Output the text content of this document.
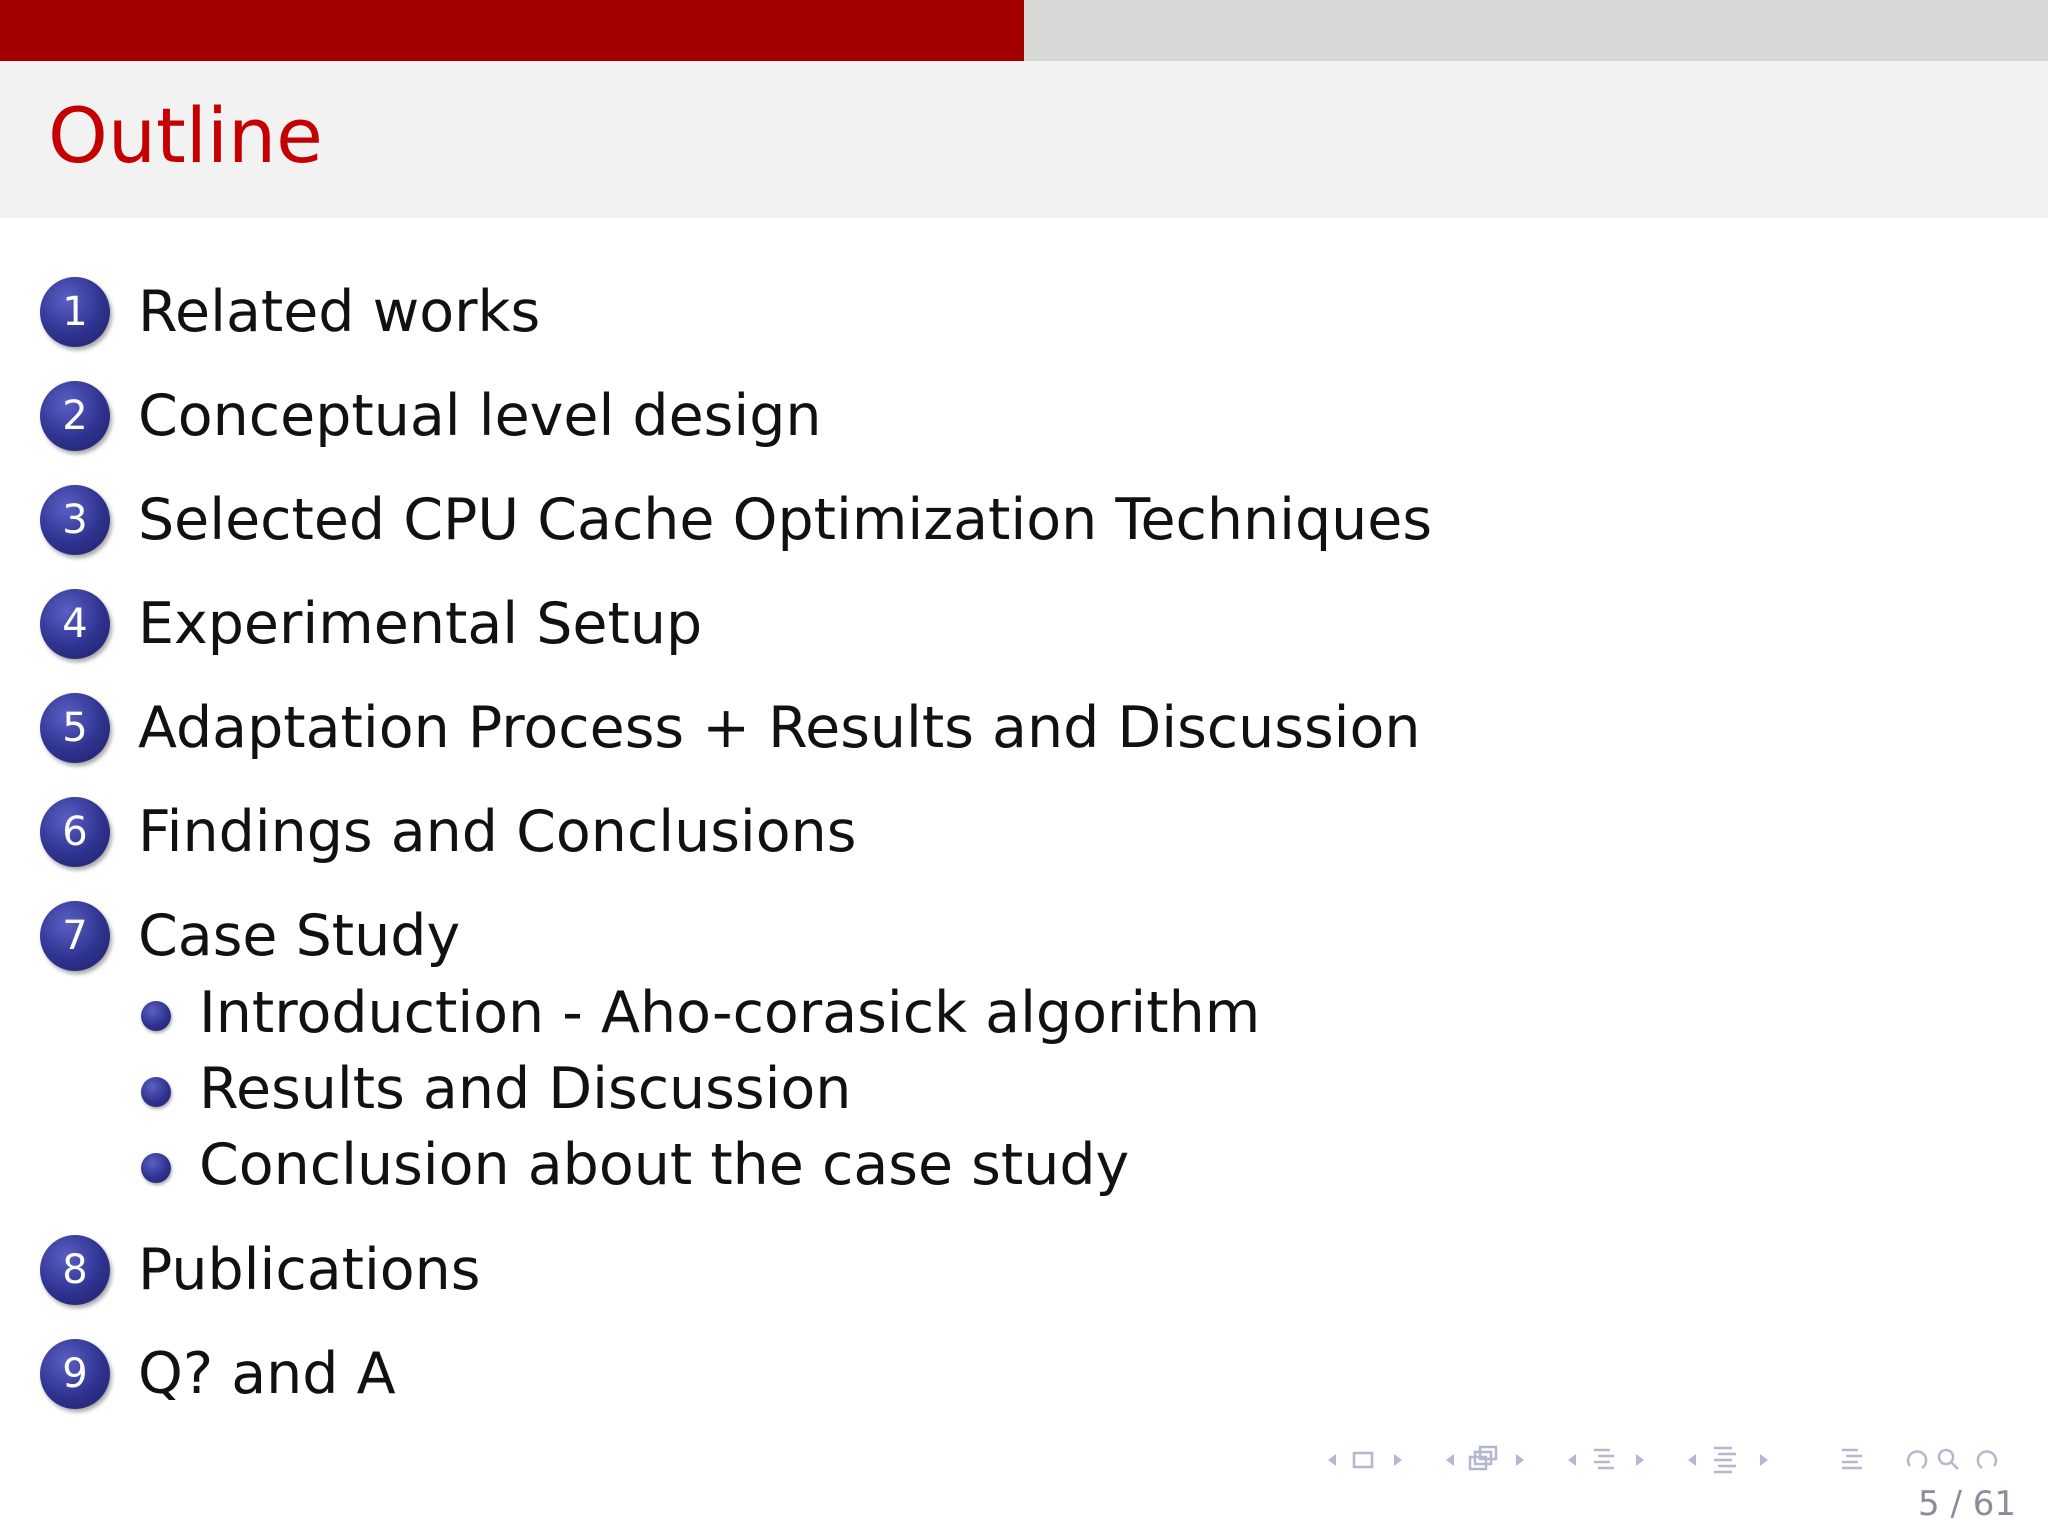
Outline
1 Related works
2 Conceptual level design
3 Selected CPU Cache Optimization Techniques
4 Experimental Setup
5 Adaptation Process + Results and Discussion
6 Findings and Conclusions
7 Case Study
Introduction - Aho-corasick algorithm
Results and Discussion
Conclusion about the case study
8 Publications
9 Q? and A
5 / 61
